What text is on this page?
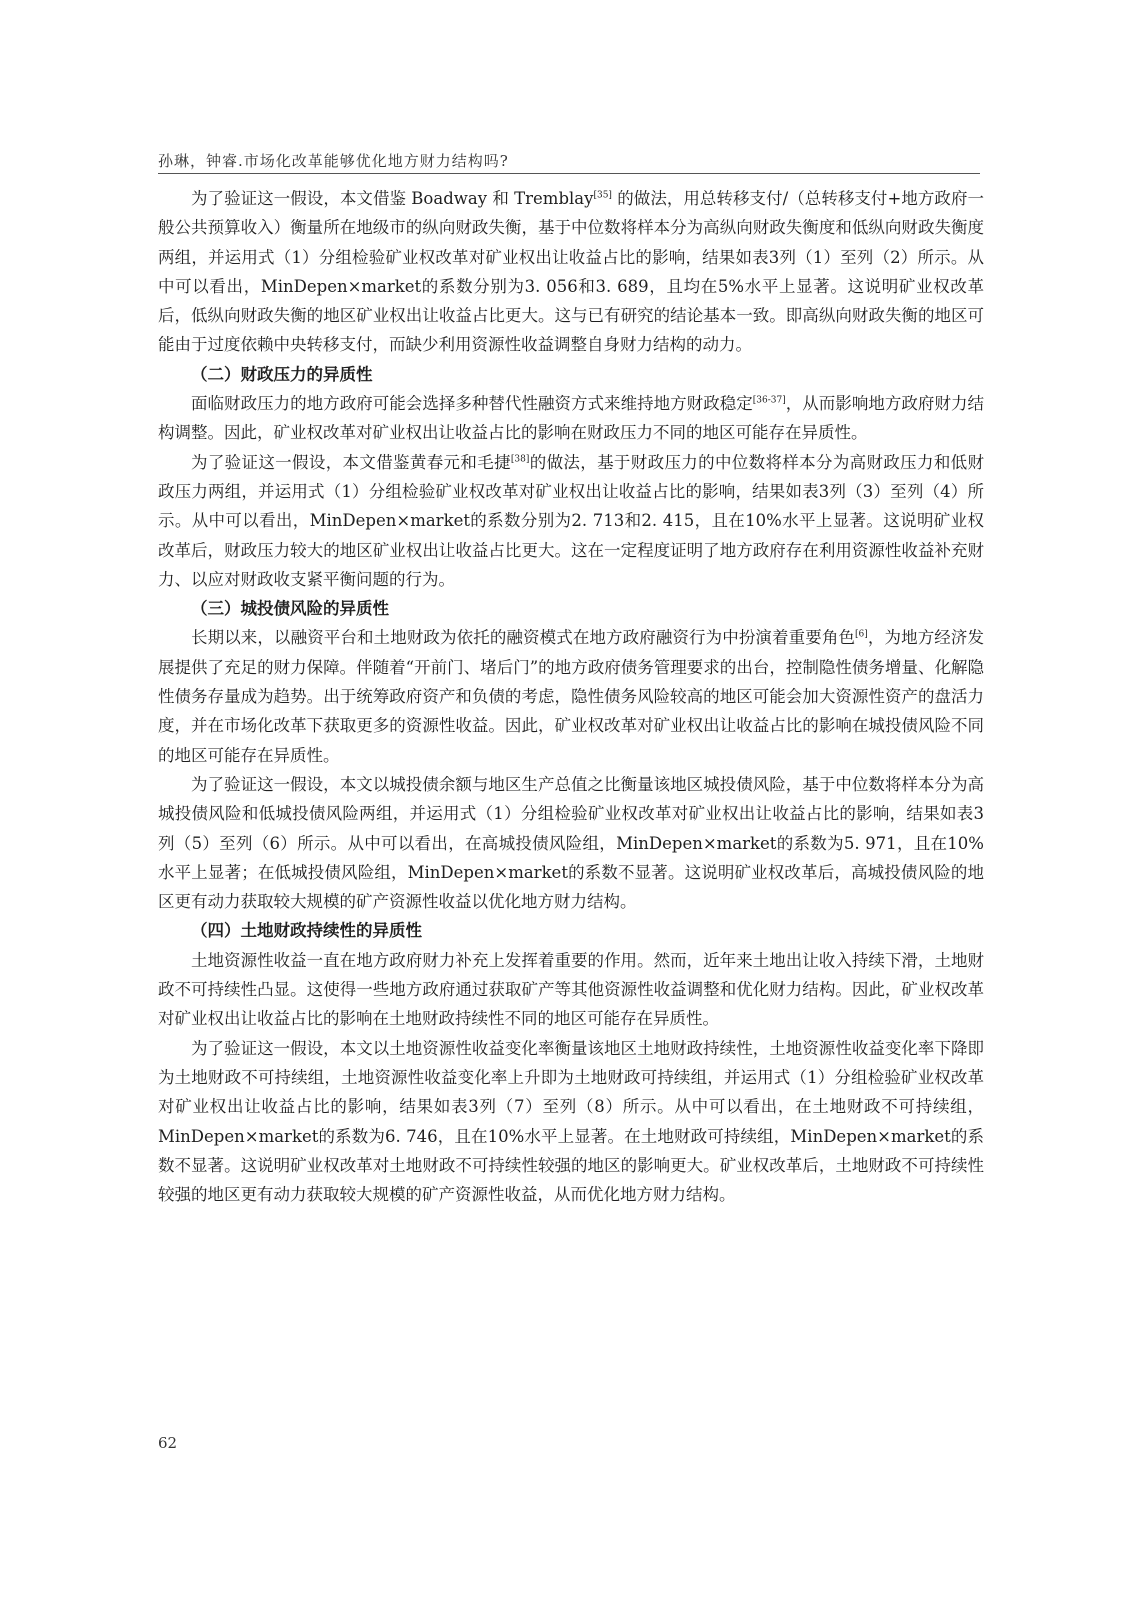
孙琳，钟睿.市场化改革能够优化地方财力结构吗?

为了验证这一假设，本文借鉴 Boadway 和 Tremblay[35] 的做法，用总转移支付/（总转移支付+地方政府一般公共预算收入）衡量所在地级市的纵向财政失衡，基于中位数将样本分为高纵向财政失衡度和低纵向财政失衡度两组，并运用式（1）分组检验矿业权改革对矿业权出让收益占比的影响，结果如表3列（1）至列（2）所示。从中可以看出，MinDepen×market的系数分别为3. 056和3. 689，且均在5%水平上显著。这说明矿业权改革后，低纵向财政失衡的地区矿业权出让收益占比更大。这与已有研究的结论基本一致。即高纵向财政失衡的地区可能由于过度依赖中央转移支付，而缺少利用资源性收益调整自身财力结构的动力。

（二）财政压力的异质性

面临财政压力的地方政府可能会选择多种替代性融资方式来维持地方财政稳定[36-37]，从而影响地方政府财力结构调整。因此，矿业权改革对矿业权出让收益占比的影响在财政压力不同的地区可能存在异质性。

为了验证这一假设，本文借鉴黄春元和毛捷[38]的做法，基于财政压力的中位数将样本分为高财政压力和低财政压力两组，并运用式（1）分组检验矿业权改革对矿业权出让收益占比的影响，结果如表3列（3）至列（4）所示。从中可以看出，MinDepen×market的系数分别为2. 713和2. 415，且在10%水平上显著。这说明矿业权改革后，财政压力较大的地区矿业权出让收益占比更大。这在一定程度证明了地方政府存在利用资源性收益补充财力、以应对财政收支紧平衡问题的行为。

（三）城投债风险的异质性

长期以来，以融资平台和土地财政为依托的融资模式在地方政府融资行为中扮演着重要角色[6]，为地方经济发展提供了充足的财力保障。伴随着“开前门、堵后门”的地方政府债务管理要求的出台，控制隐性债务增量、化解隐性债务存量成为趋势。出于统筹政府资产和负债的考虑，隐性债务风险较高的地区可能会加大资源性资产的盘活力度，并在市场化改革下获取更多的资源性收益。因此，矿业权改革对矿业权出让收益占比的影响在城投债风险不同的地区可能存在异质性。

为了验证这一假设，本文以城投债余额与地区生产总值之比衡量该地区城投债风险，基于中位数将样本分为高城投债风险和低城投债风险两组，并运用式（1）分组检验矿业权改革对矿业权出让收益占比的影响，结果如表3列（5）至列（6）所示。从中可以看出，在高城投债风险组，MinDepen×market的系数为5. 971，且在10%水平上显著；在低城投债风险组，MinDepen×market的系数不显著。这说明矿业权改革后，高城投债风险的地区更有动力获取较大规模的矿产资源性收益以优化地方财力结构。

（四）土地财政持续性的异质性

土地资源性收益一直在地方政府财力补充上发挥着重要的作用。然而，近年来土地出让收入持续下滑，土地财政不可持续性凸显。这使得一些地方政府通过获取矿产等其他资源性收益调整和优化财力结构。因此，矿业权改革对矿业权出让收益占比的影响在土地财政持续性不同的地区可能存在异质性。

为了验证这一假设，本文以土地资源性收益变化率衡量该地区土地财政持续性，土地资源性收益变化率下降即为土地财政不可持续组，土地资源性收益变化率上升即为土地财政可持续组，并运用式（1）分组检验矿业权改革对矿业权出让收益占比的影响，结果如表3列（7）至列（8）所示。从中可以看出，在土地财政不可持续组，MinDepen×market的系数为6. 746，且在10%水平上显著。在土地财政可持续组，MinDepen×market的系数不显著。这说明矿业权改革对土地财政不可持续性较强的地区的影响更大。矿业权改革后，土地财政不可持续性较强的地区更有动力获取较大规模的矿产资源性收益，从而优化地方财力结构。

62
